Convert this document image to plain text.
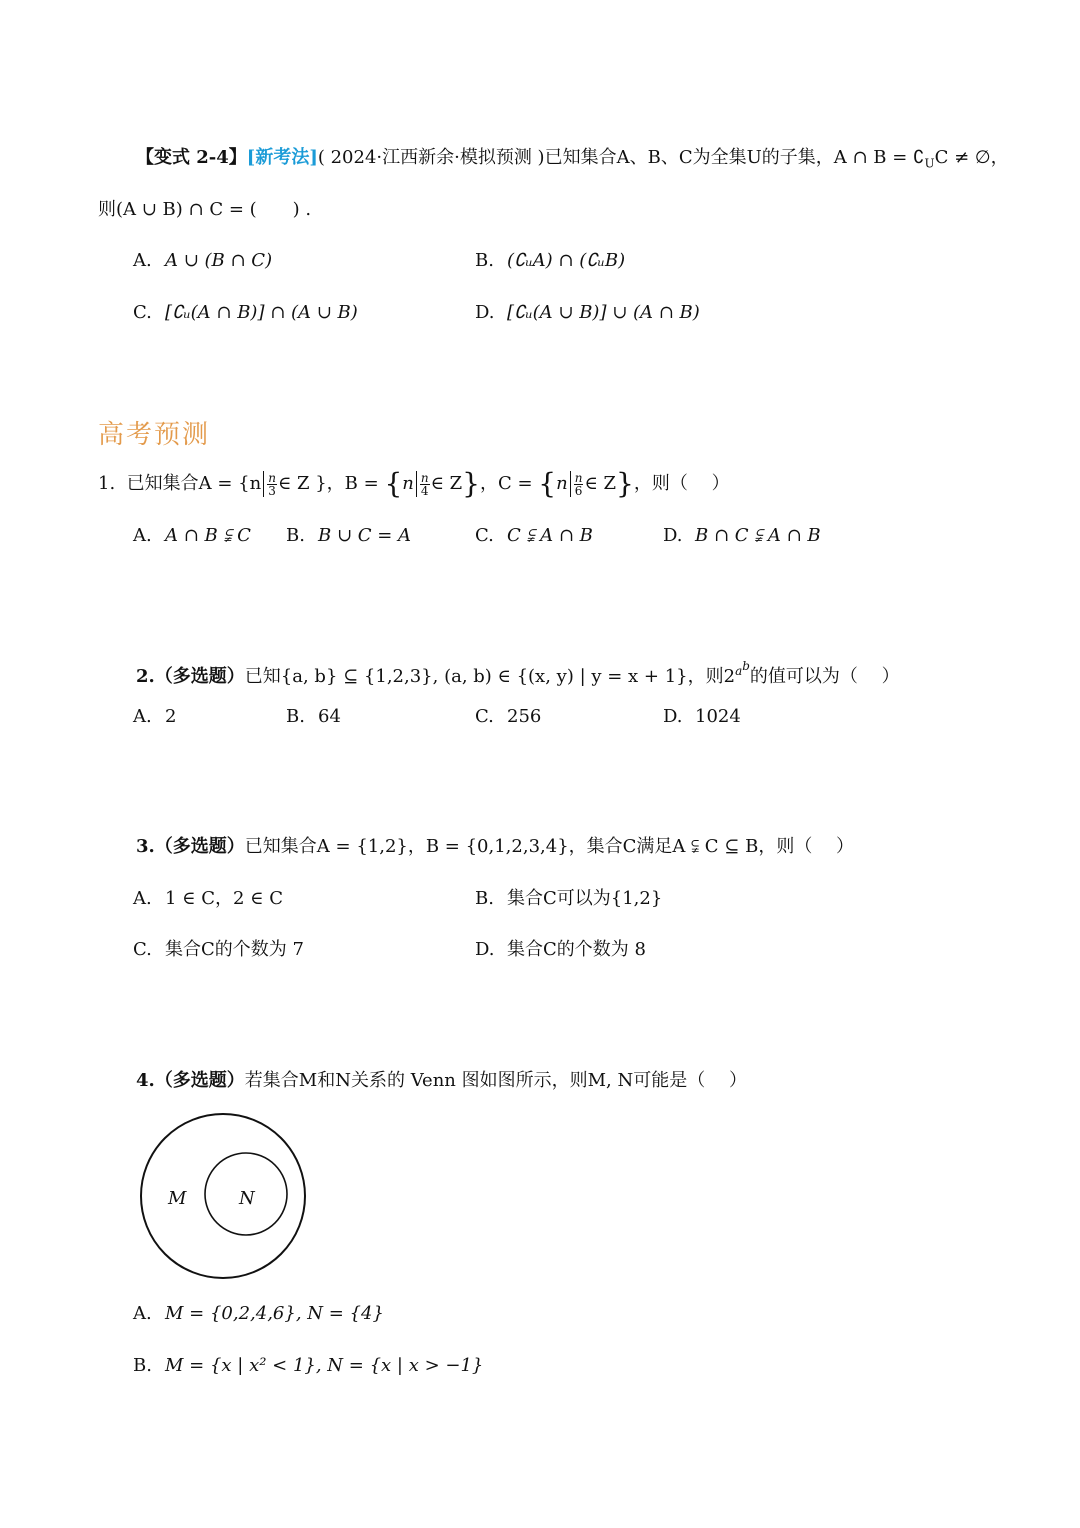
【变式 2-4】[新考法]( 2024·江西新余·模拟预测 )已知集合A、B、C为全集U的子集，A ∩ $B = ∁_UC$ ≠ ∅，
则(A ∪ B) ∩ C = (　　) .
A. A ∪ (B ∩ C)	B. (∁ᵤA) ∩ (∁ᵤB)
C. [∁ᵤ(A ∩ B)] ∩ (A ∪ B)	D. [∁ᵤ(A ∪ B)] ∪ (A ∩ B)
高考预测
1. 已知集合$A = \{n \frac{n}{3}$ ∈ Z }，$B = \{n \frac{n}{4}$ ∈ Z}，$C = \{n \frac{n}{6}$ ∈ Z}，则（　 ）
A. A ∩ B ⫋ C B. B ∪ C = A	C. C ⫋ A ∩ B	D. B ∩ C ⫋ A ∩ B
2.（多选题）已知{a, b} ⊆ {1,2,3}, (a, b) ∈ {(x, y) | y = x + 1}，则$2^{a^b}$的值可以为（　 ）
A. 2	B. 64	C. 256	D. 1024
3.（多选题）已知集合A = {1,2}，B = {0,1,2,3,4}，集合C满足A ⫋ C ⊆ B，则（　 ）
A. 1 ∈ C，2 ∈ C	B. 集合C可以为{1,2}
C. 集合C的个数为 7	D. 集合C的个数为 8
4.（多选题）若集合M和N关系的 Venn 图如图所示，则M, N可能是（　 ）
M	N
A. M = {0,2,4,6}, N = {4}
B. M = {x | x² < 1}, N = {x | x > −1}
